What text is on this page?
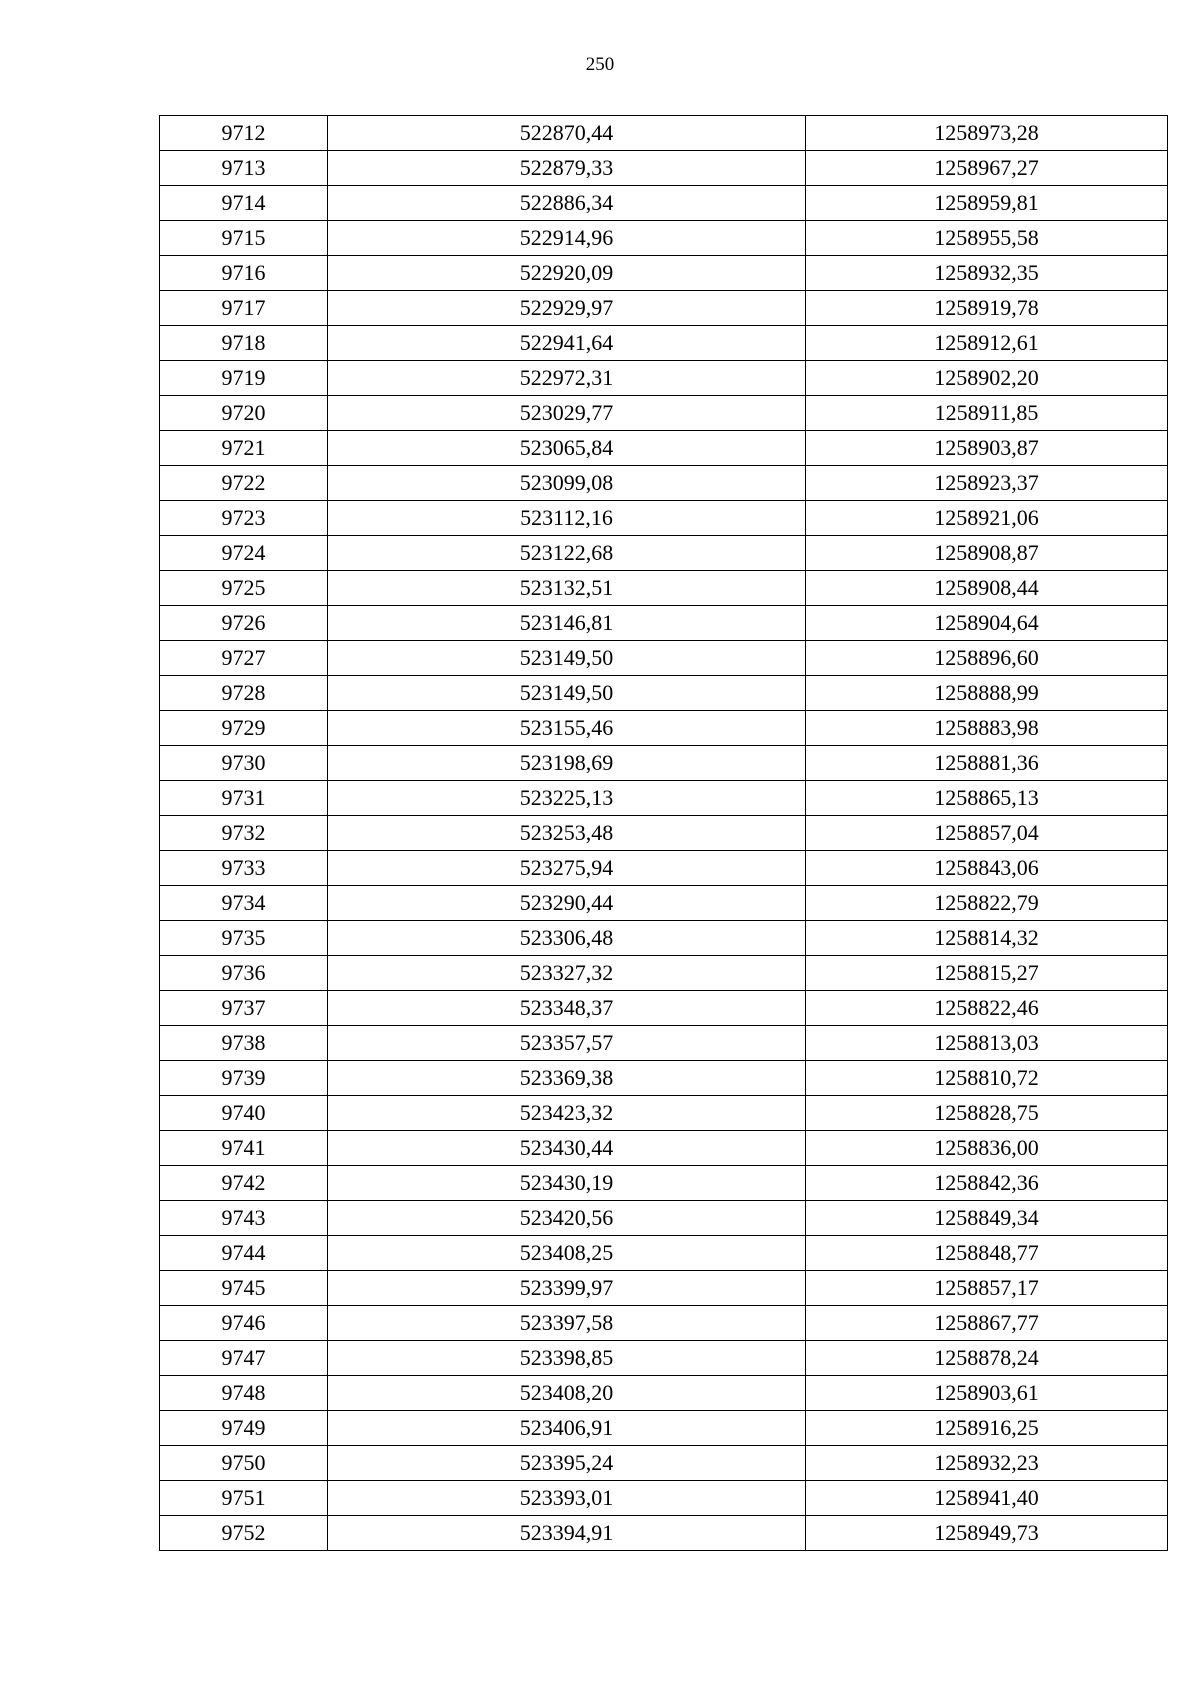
250
9712	522870,44	1258973,28
9713	522879,33	1258967,27
9714	522886,34	1258959,81
9715	522914,96	1258955,58
9716	522920,09	1258932,35
9717	522929,97	1258919,78
9718	522941,64	1258912,61
9719	522972,31	1258902,20
9720	523029,77	1258911,85
9721	523065,84	1258903,87
9722	523099,08	1258923,37
9723	523112,16	1258921,06
9724	523122,68	1258908,87
9725	523132,51	1258908,44
9726	523146,81	1258904,64
9727	523149,50	1258896,60
9728	523149,50	1258888,99
9729	523155,46	1258883,98
9730	523198,69	1258881,36
9731	523225,13	1258865,13
9732	523253,48	1258857,04
9733	523275,94	1258843,06
9734	523290,44	1258822,79
9735	523306,48	1258814,32
9736	523327,32	1258815,27
9737	523348,37	1258822,46
9738	523357,57	1258813,03
9739	523369,38	1258810,72
9740	523423,32	1258828,75
9741	523430,44	1258836,00
9742	523430,19	1258842,36
9743	523420,56	1258849,34
9744	523408,25	1258848,77
9745	523399,97	1258857,17
9746	523397,58	1258867,77
9747	523398,85	1258878,24
9748	523408,20	1258903,61
9749	523406,91	1258916,25
9750	523395,24	1258932,23
9751	523393,01	1258941,40
9752	523394,91	1258949,73
